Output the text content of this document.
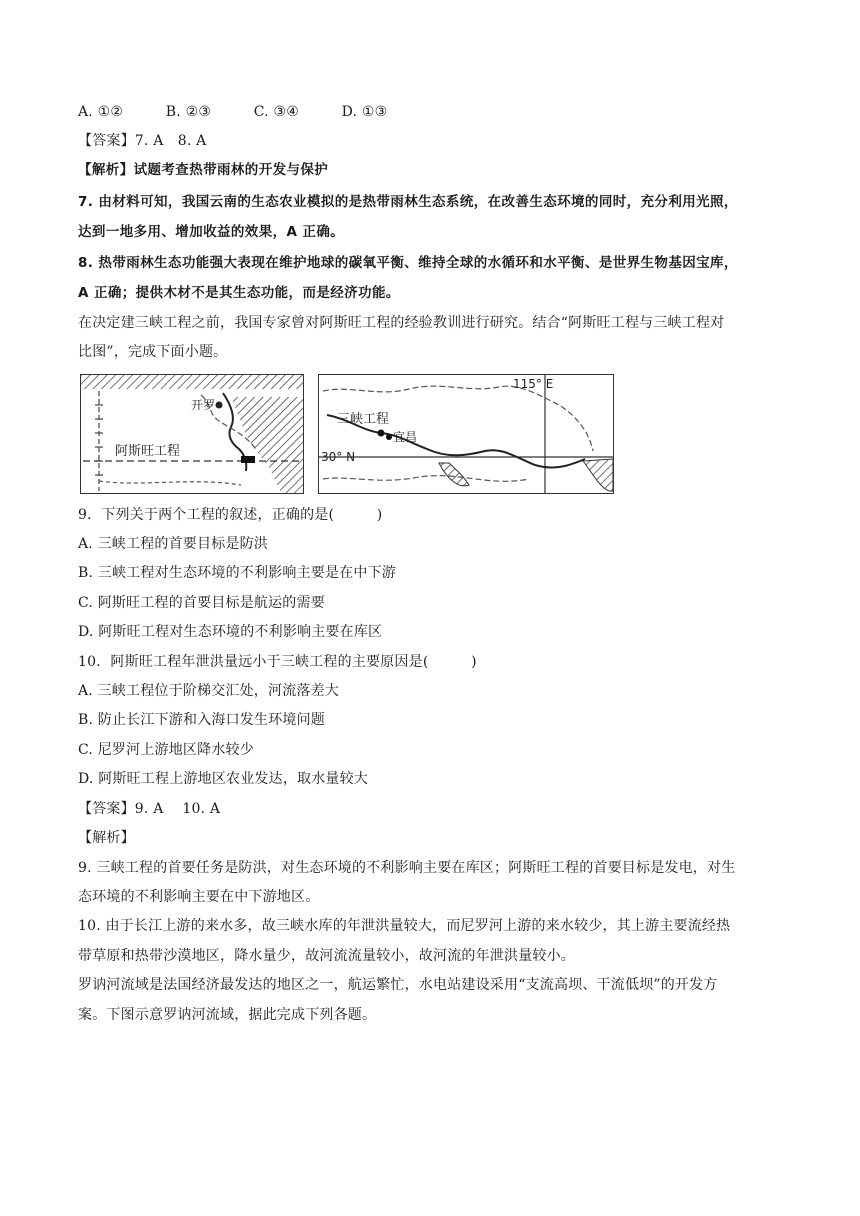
A. ①②	B. ②③	C. ③④	D. ①③
【答案】7. A　8. A
【解析】试题考查热带雨林的开发与保护
7. 由材料可知，我国云南的生态农业模拟的是热带雨林生态系统，在改善生态环境的同时，充分利用光照，
达到一地多用、增加收益的效果，A 正确。
8. 热带雨林生态功能强大表现在维护地球的碳氧平衡、维持全球的水循环和水平衡、是世界生物基因宝库，
A 正确；提供木材不是其生态功能，而是经济功能。
在决定建三峡工程之前，我国专家曾对阿斯旺工程的经验教训进行研究。结合“阿斯旺工程与三峡工程对
比图”，完成下面小题。
开罗
阿斯旺工程
115° E
30° N
三峡工程
宜昌
9．下列关于两个工程的叙述，正确的是(　　　)
A. 三峡工程的首要目标是防洪
B. 三峡工程对生态环境的不利影响主要是在中下游
C. 阿斯旺工程的首要目标是航运的需要
D. 阿斯旺工程对生态环境的不利影响主要在库区
10．阿斯旺工程年泄洪量远小于三峡工程的主要原因是(　　　)
A. 三峡工程位于阶梯交汇处，河流落差大
B. 防止长江下游和入海口发生环境问题
C. 尼罗河上游地区降水较少
D. 阿斯旺工程上游地区农业发达，取水量较大
【答案】9. A　 10. A
【解析】
9. 三峡工程的首要任务是防洪，对生态环境的不利影响主要在库区；阿斯旺工程的首要目标是发电，对生
态环境的不利影响主要在中下游地区。
10. 由于长江上游的来水多，故三峡水库的年泄洪量较大，而尼罗河上游的来水较少，其上游主要流经热
带草原和热带沙漠地区，降水量少，故河流流量较小，故河流的年泄洪量较小。
罗讷河流域是法国经济最发达的地区之一，航运繁忙，水电站建设采用“支流高坝、干流低坝”的开发方
案。下图示意罗讷河流域，据此完成下列各题。
